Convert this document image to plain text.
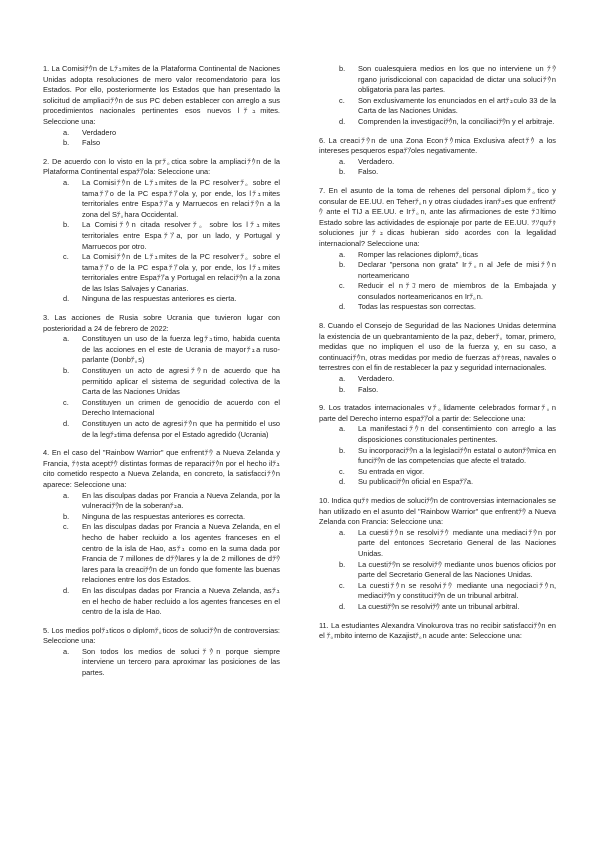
1. La Comisiﾃｳn de Lﾃｭmites de la Plataforma Continental de Naciones Unidas adopta resoluciones de mero valor recomendatorio para los Estados. Por ello, posteriormente los Estados que han presentado la solicitud de ampliaciﾃｳn de sus PC deben establecer con arreglo a sus procedimientos nacionales pertinentes esos nuevos lﾃｭmites. Seleccione una:

a. Verdadero
b. Falso

2. De acuerdo con lo visto en la prﾃ｡ctica sobre la ampliaciﾃｳn de la Plataforma Continental espaﾃｱola: Seleccione una:

a. La Comisiﾃｳn de Lﾃｭmites de la PC resolverﾃ｡ sobre el tamaﾃｱo de la PC espaﾃｱola y, por ende, los lﾃｭmites territoriales entre Espaﾃｱa y Marruecos en relaciﾃｳn a la zona del Sﾃ｡hara Occidental.
b. La Comisiﾃｳn citada resolverﾃ｡ sobre los lﾃｭmites territoriales entre Espaﾃｱa, por un lado, y Portugal y Marruecos por otro.
c. La Comisiﾃｳn de Lﾃｭmites de la PC resolverﾃ｡ sobre el tamaﾃｱo de la PC espaﾃｱola y, por ende, los lﾃｭmites territoriales entre Espaﾃｱa y Portugal en relaciﾃｳn a la zona de las Islas Salvajes y Canarias.
d. Ninguna de las respuestas anteriores es cierta.

3. Las acciones de Rusia sobre Ucrania que tuvieron lugar con posterioridad a 24 de febrero de 2022:

a. Constituyen un uso de la fuerza legﾃｭtimo, habida cuenta de las acciones en el este de Ucrania de mayorﾃｭa ruso-parlante (Donbﾃ｡s)
b. Constituyen un acto de agresiﾃｳn de acuerdo que ha permitido aplicar el sistema de seguridad colectiva de la Carta de las Naciones Unidas
c. Constituyen un crimen de genocidio de acuerdo con el Derecho Internacional
d. Constituyen un acto de agresiﾃｳn que ha permitido el uso de la legﾃｭtima defensa por el Estado agredido (Ucrania)

4. En el caso del "Rainbow Warrior" que enfrentﾃｳ a Nueva Zelanda y Francia, ﾃｩsta aceptﾃｳ distintas formas de reparaciﾃｳn por el hecho ilﾃｭcito cometido respecto a Nueva Zelanda, en concreto, la satisfacciﾃｳn aparece: Seleccione una:

a. En las disculpas dadas por Francia a Nueva Zelanda, por la vulneraciﾃｳn de la soberanﾃｭa.
b. Ninguna de las respuestas anteriores es correcta.
c. En las disculpas dadas por Francia a Nueva Zelanda, en el hecho de haber recluido a los agentes franceses en el centro de la isla de Hao, asﾃｭ como en la suma dada por Francia de 7 millones de dﾃｳlares y la de 2 millones de dﾃｳlares para la creaciﾃｳn de un fondo que fomente las buenas relaciones entre los dos Estados.
d. En las disculpas dadas por Francia a Nueva Zelanda, asﾃｭ en el hecho de haber recluido a los agentes franceses en el centro de la isla de Hao.

5. Los medios polﾃｭticos o diplomﾃ｡ticos de soluciﾃｳn de controversias: Seleccione una:

a. Son todos los medios de soluciﾃｳn porque siempre interviene un tercero para aproximar las posiciones de las partes.
b. Son cualesquiera medios en los que no interviene un ﾃｳrgano jurisdiccional con capacidad de dictar una soluciﾃｳn obligatoria para las partes.
c. Son exclusivamente los enunciados en el artﾃｭculo 33 de la Carta de las Naciones Unidas.
d. Comprenden la investigaciﾃｳn, la conciliaciﾃｳn y el arbitraje.

6. La creaciﾃｳn de una Zona Econﾃｳmica Exclusiva afectﾃｳ a los intereses pesqueros espaﾃｱoles negativamente.

a. Verdadero.
b. Falso.

7. En el asunto de la toma de rehenes del personal diplomﾃ｡tico y consular de EE.UU. en Teherﾃ｡n y otras ciudades iranﾃｭes que enfrentﾃｳ ante el TIJ a EE.UU. e Irﾃ｡n, ante las afirmaciones de este ﾃｺltimo Estado sobre las actividades de espionaje por parte de EE.UU. ﾂｿquﾃｩ soluciones jurﾃｭdicas hubieran sido acordes con la legalidad internacional? Seleccione una:

a. Romper las relaciones diplomﾃ｡ticas
b. Declarar "persona non grata" Irﾃ｡n al Jefe de misiﾃｳn norteamericano
c. Reducir el nﾃｺmero de miembros de la Embajada y consulados norteamericanos en Irﾃ｡n.
d. Todas las respuestas son correctas.

8. Cuando el Consejo de Seguridad de las Naciones Unidas determina la existencia de un quebrantamiento de la paz, deberﾃ｡ tomar, primero, medidas que no impliquen el uso de la fuerza y, en su caso, a continuaciﾃｳn, otras medidas por medio de fuerzas aﾃｩreas, navales o terrestres con el fin de restablecer la paz y seguridad internacionales.

a. Verdadero.
b. Falso.

9. Los tratados internacionales vﾃ｡lidamente celebrados formarﾃ｡n parte del Derecho interno espaﾃｱol a partir de: Seleccione una:

a. La manifestaciﾃｳn del consentimiento con arreglo a las disposiciones constitucionales pertinentes.
b. Su incorporaciﾃｳn a la legislaciﾃｳn estatal o autonﾃｳmica en funciﾃｳn de las competencias que afecte el tratado.
c. Su entrada en vigor.
d. Su publicaciﾃｳn oficial en Espaﾃｱa.

10. Indica quﾃｩ medios de soluciﾃｳn de controversias internacionales se han utilizado en el asunto del "Rainbow Warrior" que enfrentﾃｳ a Nueva Zelanda con Francia: Seleccione una:

a. La cuestiﾃｳn se resolviﾃｳ mediante una mediaciﾃｳn por parte del entonces Secretario General de las Naciones Unidas.
b. La cuestiﾃｳn se resolviﾃｳ mediante unos buenos oficios por parte del Secretario General de las Naciones Unidas.
c. La cuestiﾃｳn se resolviﾃｳ mediante una negociaciﾃｳn, mediaciﾃｳn y constituciﾃｳn de un tribunal arbitral.
d. La cuestiﾃｳn se resolviﾃｳ ante un tribunal arbitral.

11. La estudiantes Alexandra Vinokurova tras no recibir satisfacciﾃｳn en el ﾃ｡mbito interno de Kazajistﾃ｡n acude ante: Seleccione una:
